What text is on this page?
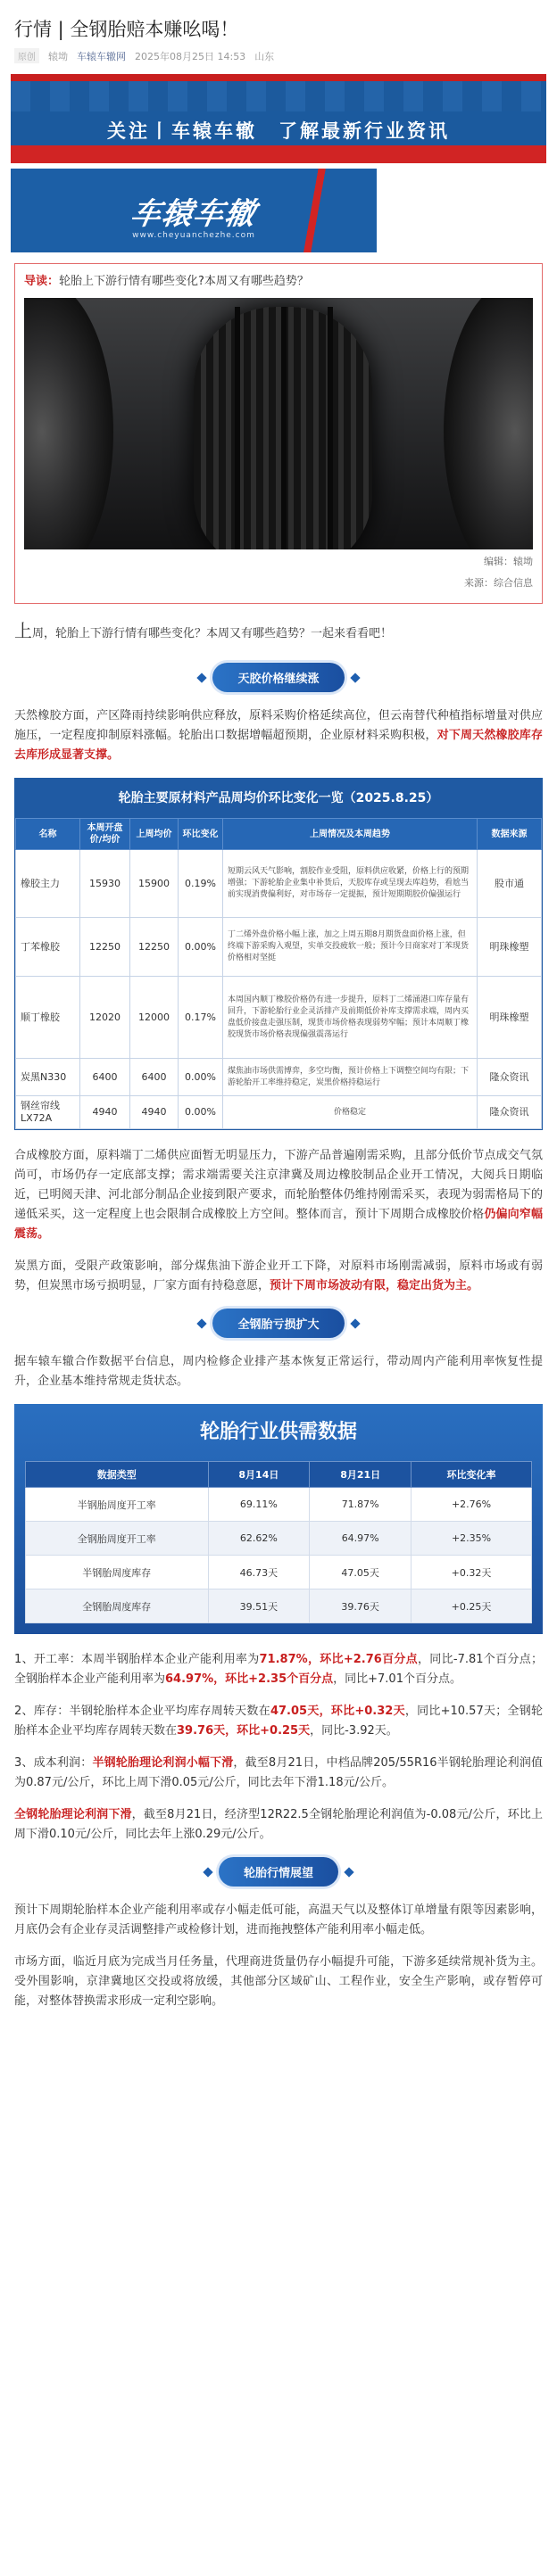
行情 | 全钢胎赔本赚吆喝！
原创	辕坳 车辕车辙网 2025年08月25日 14:53 山东
关注丨车辕车辙　了解最新行业资讯
车辕车辙
www.cheyuanchezhe.com
导读：轮胎上下游行情有哪些变化?本周又有哪些趋势？
编辑：辕坳
来源：综合信息
上周，轮胎上下游行情有哪些变化？本周又有哪些趋势？一起来看看吧！
天胶价格继续涨
天然橡胶方面，产区降雨持续影响供应释放，原料采购价格延续高位，但云南替代种植指标增量对供应施压，一定程度抑制原料涨幅。轮胎出口数据增幅超预期，企业原材料采购积极，对下周天然橡胶库存去库形成显著支撑。
轮胎主要原材料产品周均价环比变化一览（2025.8.25）
名称	本周开盘价/均价	上周均价	环比变化	上周情况及本周趋势	数据来源
橡胶主力	15930	15900	0.19%	短期云风天气影响，割胶作业受阻，原料供应收紧，价格上行的预期增强；下游轮胎企业集中补货后，天胶库存或呈现去库趋势，看尬当前实现消费偏利好，对市场存一定提振，预计短期期胶价偏强运行	股市通
丁苯橡胶	12250	12250	0.00%	丁二烯外盘价格小幅上涨，加之上周五期8月期货盘面价格上涨，但终端下游采购入观望，实单交投疲软一般；预计今日商家对丁苯现货价格相对坚挺	明珠橡塑
顺丁橡胶	12020	12000	0.17%	本周国内顺丁橡胶价格仍有进一步提升，原料丁二烯涌港口库存量有回升，下游轮胎行业企灵活排产及前期低价补库支撑需求端，周内买盘低价接盘走强压制，现货市场价格表现弱势窄幅；预计本周顺丁橡胶现货市场价格表现偏强震荡运行	明珠橡塑
炭黑N330	6400	6400	0.00%	煤焦油市场供需博弈，多空均衡，预计价格上下调整空间均有限；下游轮胎开工率维持稳定，炭黑价格持稳运行	隆众资讯
钢丝帘线LX72A	4940	4940	0.00%	价格稳定	隆众资讯
合成橡胶方面，原料端丁二烯供应面暂无明显压力，下游产品普遍刚需采购，且部分低价节点成交气氛尚可，市场仍存一定底部支撑；需求端需要关注京津冀及周边橡胶制品企业开工情况，大阅兵日期临近，已明阅天津、河北部分制品企业接到限产要求，而轮胎整体仍维持刚需采买，表现为弱需格局下的递低采买，这一定程度上也会限制合成橡胶上方空间。整体而言，预计下周期合成橡胶价格仍偏向窄幅震荡。
炭黑方面，受限产政策影响，部分煤焦油下游企业开工下降，对原料市场刚需减弱，原料市场或有弱势，但炭黑市场亏损明显，厂家方面有持稳意愿，预计下周市场波动有限，稳定出货为主。
全钢胎亏损扩大
据车辕车辙合作数据平台信息，周内检修企业排产基本恢复正常运行，带动周内产能利用率恢复性提升，企业基本维持常规走货状态。
轮胎行业供需数据
数据类型	8月14日	8月21日	环比变化率
半钢胎周度开工率	69.11%	71.87%	+2.76%
全钢胎周度开工率	62.62%	64.97%	+2.35%
半钢胎周度库存	46.73天	47.05天	+0.32天
全钢胎周度库存	39.51天	39.76天	+0.25天
1、开工率：本周半钢胎样本企业产能利用率为71.87%，环比+2.76百分点，同比-7.81个百分点；全钢胎样本企业产能利用率为64.97%，环比+2.35个百分点，同比+7.01个百分点。
2、库存：半钢轮胎样本企业平均库存周转天数在47.05天，环比+0.32天，同比+10.57天；全钢轮胎样本企业平均库存周转天数在39.76天，环比+0.25天，同比-3.92天。
3、成本利润：半钢轮胎理论利润小幅下滑，截至8月21日，中档品牌205/55R16半钢轮胎理论利润值为0.87元/公斤，环比上周下滑0.05元/公斤，同比去年下滑1.18元/公斤。
全钢轮胎理论利润下滑，截至8月21日，经济型12R22.5全钢轮胎理论利润值为-0.08元/公斤，环比上周下滑0.10元/公斤，同比去年上涨0.29元/公斤。
轮胎行情展望
预计下周期轮胎样本企业产能利用率或存小幅走低可能，高温天气以及整体订单增量有限等因素影响，月底仍会有企业存灵活调整排产或检修计划，进而拖拽整体产能利用率小幅走低。
市场方面，临近月底为完成当月任务量，代理商进货量仍存小幅提升可能，下游多延续常规补货为主。受外围影响，京津冀地区交投或将放缓，其他部分区域矿山、工程作业，安全生产影响，或存暂停可能，对整体替换需求形成一定利空影响。
